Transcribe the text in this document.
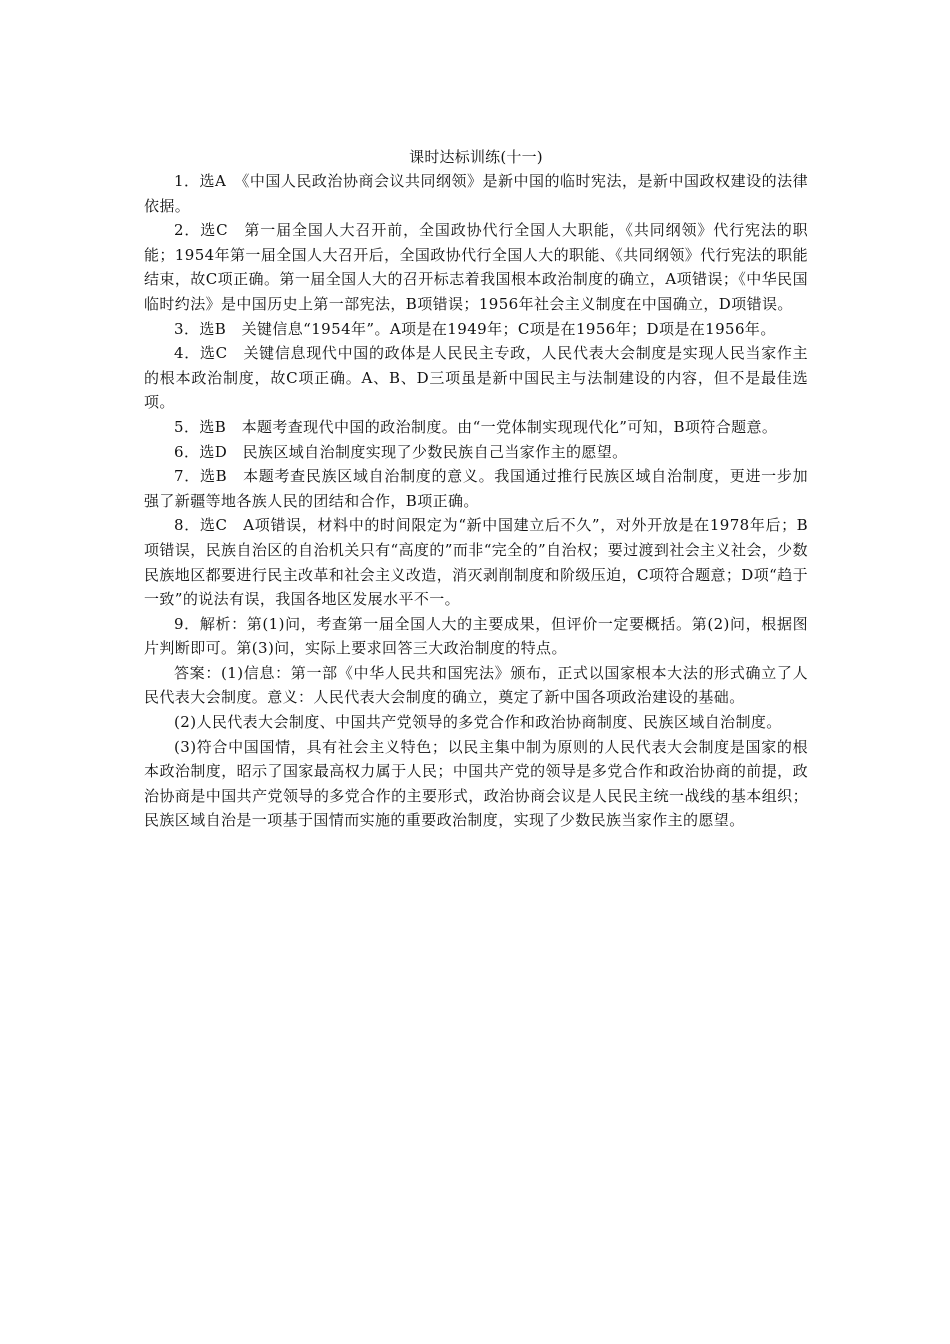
课时达标训练(十一)

1．选A　《中国人民政治协商会议共同纲领》是新中国的临时宪法，是新中国政权建设的法律依据。

2．选C　第一届全国人大召开前，全国政协代行全国人大职能，《共同纲领》代行宪法的职能；1954年第一届全国人大召开后，全国政协代行全国人大的职能、《共同纲领》代行宪法的职能结束，故C项正确。第一届全国人大的召开标志着我国根本政治制度的确立，A项错误；《中华民国临时约法》是中国历史上第一部宪法，B项错误；1956年社会主义制度在中国确立，D项错误。

3．选B　关键信息“1954年”。A项是在1949年；C项是在1956年；D项是在1956年。

4．选C　关键信息现代中国的政体是人民民主专政，人民代表大会制度是实现人民当家作主的根本政治制度，故C项正确。A、B、D三项虽是新中国民主与法制建设的内容，但不是最佳选项。

5．选B　本题考查现代中国的政治制度。由“一党体制实现现代化”可知，B项符合题意。

6．选D　民族区域自治制度实现了少数民族自己当家作主的愿望。

7．选B　本题考查民族区域自治制度的意义。我国通过推行民族区域自治制度，更进一步加强了新疆等地各族人民的团结和合作，B项正确。

8．选C　A项错误，材料中的时间限定为“新中国建立后不久”，对外开放是在1978年后；B项错误，民族自治区的自治机关只有“高度的”而非“完全的”自治权；要过渡到社会主义社会，少数民族地区都要进行民主改革和社会主义改造，消灭剥削制度和阶级压迫，C项符合题意；D项“趋于一致”的说法有误，我国各地区发展水平不一。

9．解析：第(1)问，考查第一届全国人大的主要成果，但评价一定要概括。第(2)问，根据图片判断即可。第(3)问，实际上要求回答三大政治制度的特点。

答案：(1)信息：第一部《中华人民共和国宪法》颁布，正式以国家根本大法的形式确立了人民代表大会制度。意义：人民代表大会制度的确立，奠定了新中国各项政治建设的基础。

(2)人民代表大会制度、中国共产党领导的多党合作和政治协商制度、民族区域自治制度。

(3)符合中国国情，具有社会主义特色；以民主集中制为原则的人民代表大会制度是国家的根本政治制度，昭示了国家最高权力属于人民；中国共产党的领导是多党合作和政治协商的前提，政治协商是中国共产党领导的多党合作的主要形式，政治协商会议是人民民主统一战线的基本组织；民族区域自治是一项基于国情而实施的重要政治制度，实现了少数民族当家作主的愿望。
